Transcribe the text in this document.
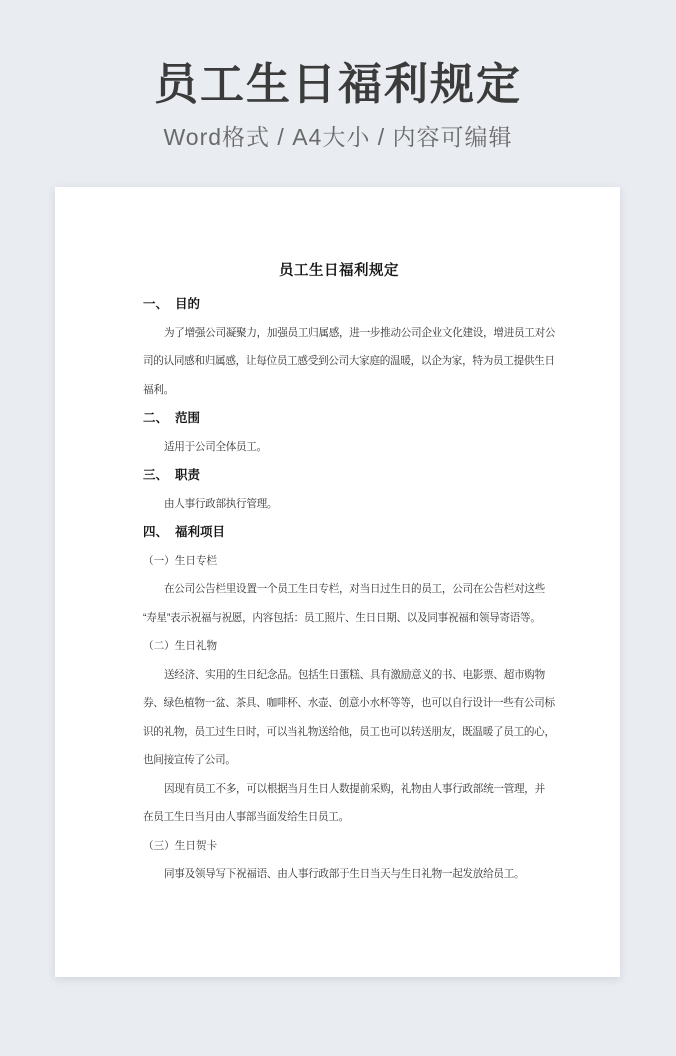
员工生日福利规定
Word格式 / A4大小 / 内容可编辑
员工生日福利规定
一、 目的
为了增强公司凝聚力，加强员工归属感，进一步推动公司企业文化建设，增进员工对公
司的认同感和归属感，让每位员工感受到公司大家庭的温暖，以企为家，特为员工提供生日
福利。
二、 范围
适用于公司全体员工。
三、 职责
由人事行政部执行管理。
四、 福利项目
（一）生日专栏
在公司公告栏里设置一个员工生日专栏，对当日过生日的员工，公司在公告栏对这些
“寿星”表示祝福与祝愿，内容包括：员工照片、生日日期、以及同事祝福和领导寄语等。
（二）生日礼物
送经济、实用的生日纪念品。包括生日蛋糕、具有激励意义的书、电影票、超市购物
券、绿色植物一盆、茶具、咖啡杯、水壶、创意小水杯等等，也可以自行设计一些有公司标
识的礼物，员工过生日时，可以当礼物送给他，员工也可以转送朋友，既温暖了员工的心，
也间接宣传了公司。
因现有员工不多，可以根据当月生日人数提前采购，礼物由人事行政部统一管理，并
在员工生日当月由人事部当面发给生日员工。
（三）生日贺卡
同事及领导写下祝福语、由人事行政部于生日当天与生日礼物一起发放给员工。
